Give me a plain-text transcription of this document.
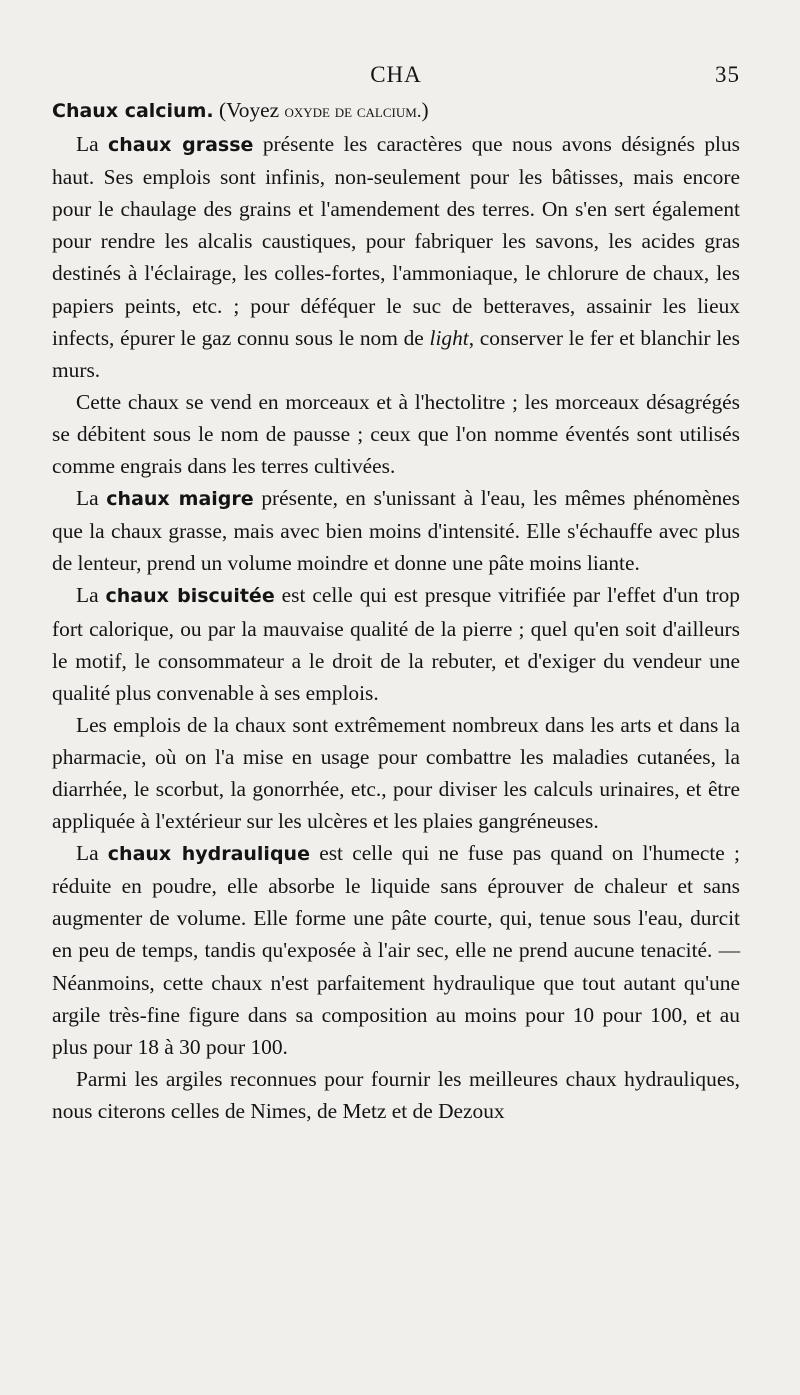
CHA	35

Chaux calcium. (Voyez oxyde de calcium.)

La chaux grasse présente les caractères que nous avons désignés plus haut. Ses emplois sont infinis, non-seulement pour les bâtisses, mais encore pour le chaulage des grains et l'amendement des terres. On s'en sert également pour rendre les alcalis caustiques, pour fabriquer les savons, les acides gras destinés à l'éclairage, les colles-fortes, l'ammoniaque, le chlorure de chaux, les papiers peints, etc. ; pour déféquer le suc de betteraves, assainir les lieux infects, épurer le gaz connu sous le nom de light, conserver le fer et blanchir les murs.

Cette chaux se vend en morceaux et à l'hectolitre ; les morceaux désagrégés se débitent sous le nom de pausse ; ceux que l'on nomme éventés sont utilisés comme engrais dans les terres cultivées.

La chaux maigre présente, en s'unissant à l'eau, les mêmes phénomènes que la chaux grasse, mais avec bien moins d'intensité. Elle s'échauffe avec plus de lenteur, prend un volume moindre et donne une pâte moins liante.

La chaux biscuitée est celle qui est presque vitrifiée par l'effet d'un trop fort calorique, ou par la mauvaise qualité de la pierre ; quel qu'en soit d'ailleurs le motif, le consommateur a le droit de la rebuter, et d'exiger du vendeur une qualité plus convenable à ses emplois.

Les emplois de la chaux sont extrêmement nombreux dans les arts et dans la pharmacie, où on l'a mise en usage pour combattre les maladies cutanées, la diarrhée, le scorbut, la gonorrhée, etc., pour diviser les calculs urinaires, et être appliquée à l'extérieur sur les ulcères et les plaies gangréneuses.

La chaux hydraulique est celle qui ne fuse pas quand on l'humecte ; réduite en poudre, elle absorbe le liquide sans éprouver de chaleur et sans augmenter de volume. Elle forme une pâte courte, qui, tenue sous l'eau, durcit en peu de temps, tandis qu'exposée à l'air sec, elle ne prend aucune tenacité. — Néanmoins, cette chaux n'est parfaitement hydraulique que tout autant qu'une argile très-fine figure dans sa composition au moins pour 10 pour 100, et au plus pour 18 à 30 pour 100.

Parmi les argiles reconnues pour fournir les meilleures chaux hydrauliques, nous citerons celles de Nimes, de Metz et de Dezoux
